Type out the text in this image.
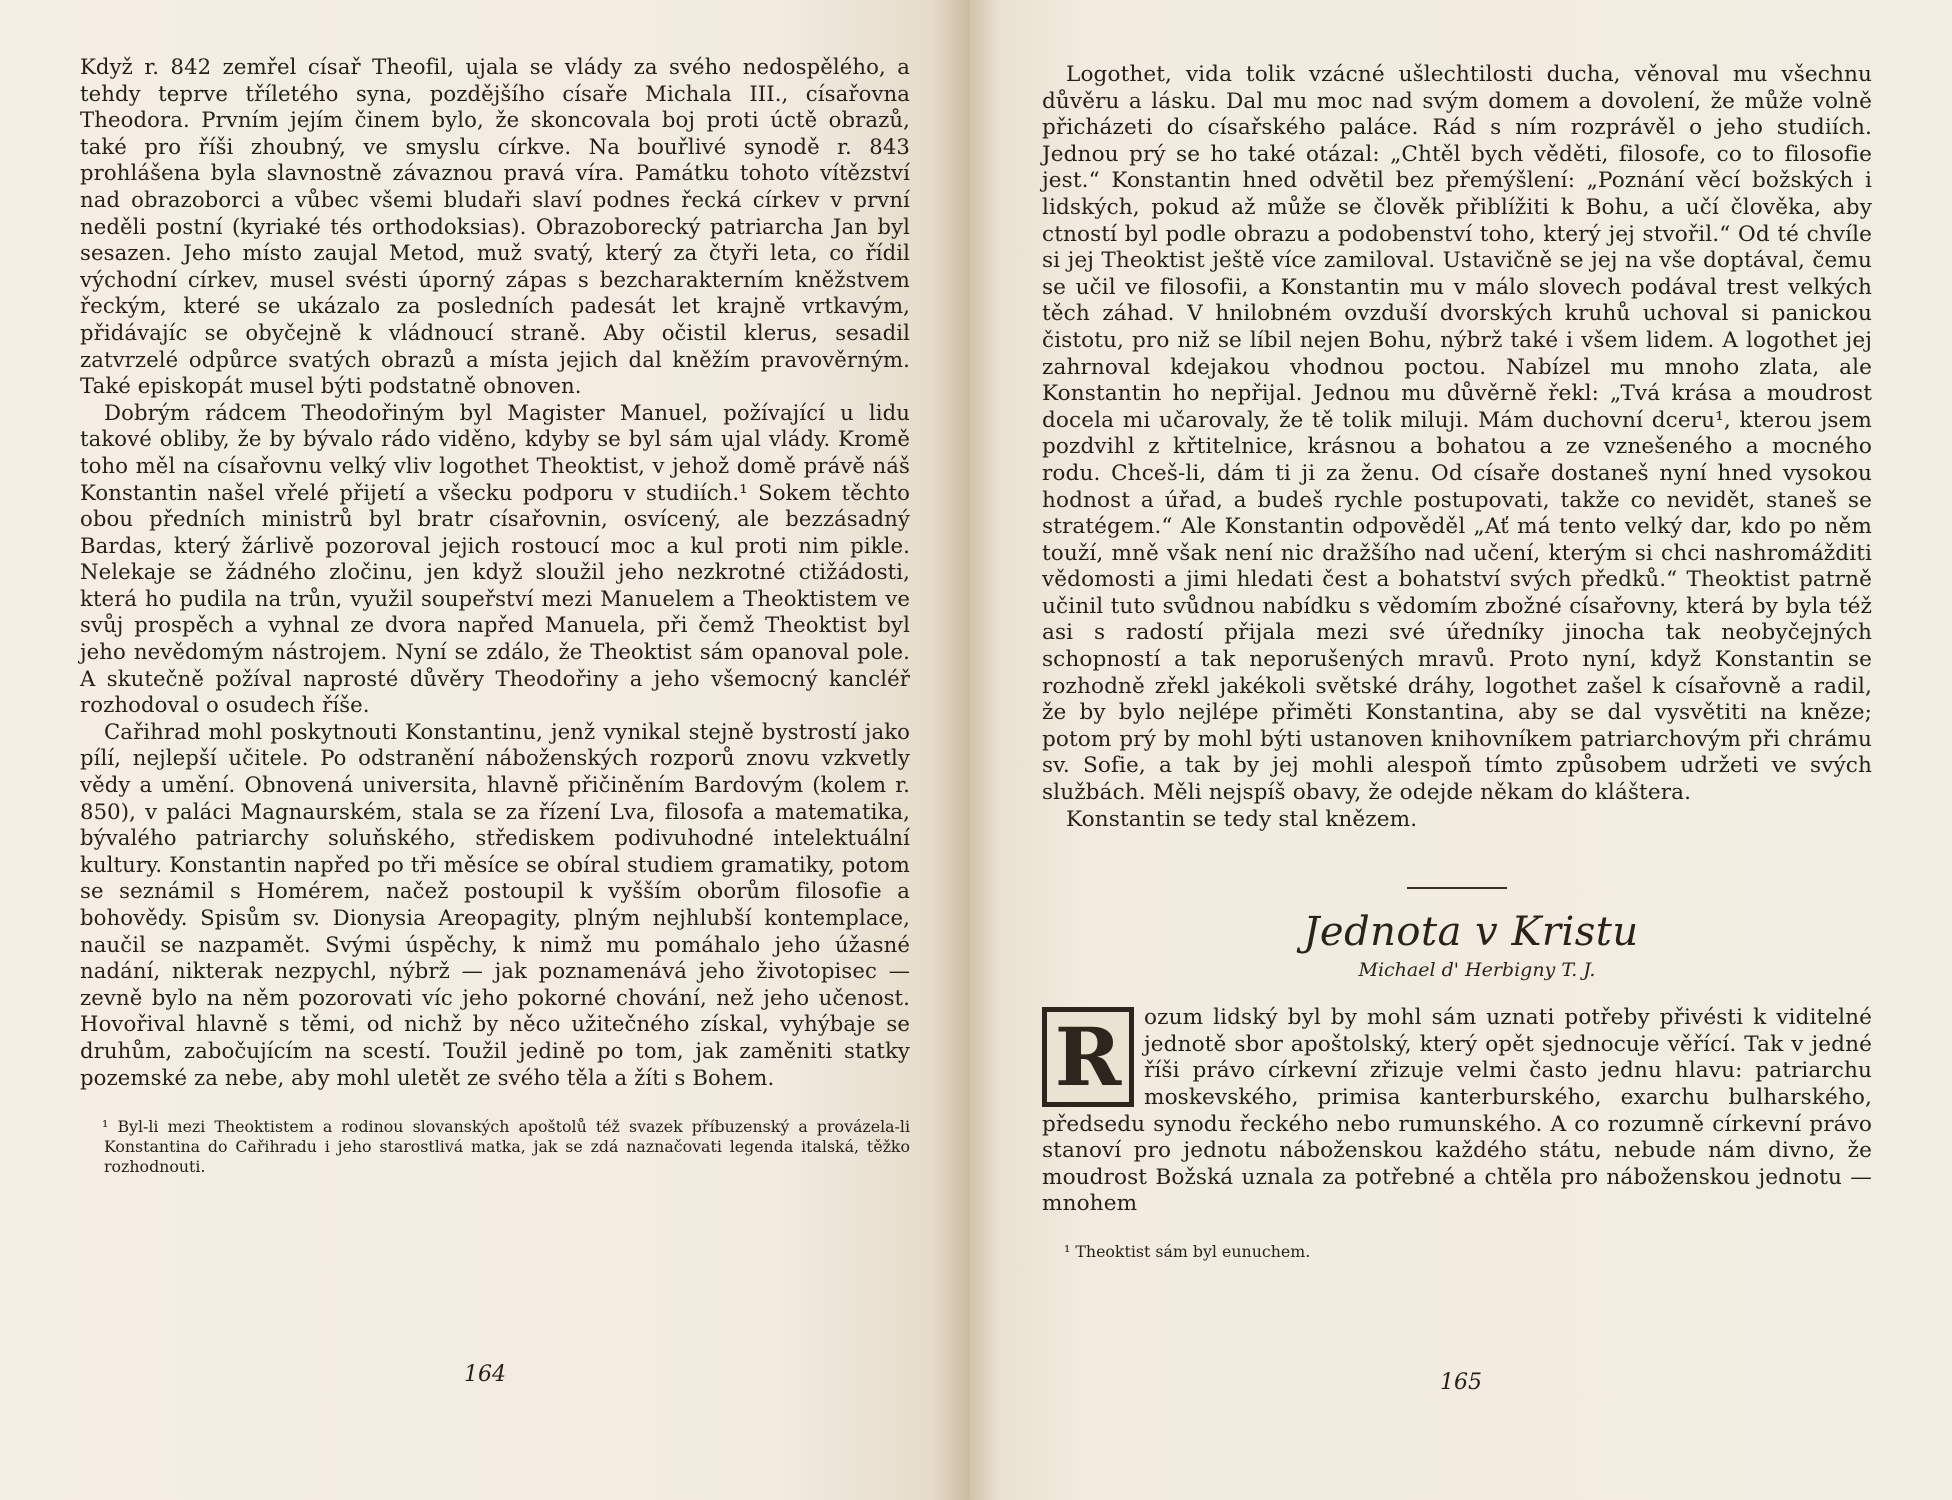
Když r. 842 zemřel císař Theofil, ujala se vlády za svého nedospělého, a tehdy teprve tříletého syna, pozdějšího císaře Michala III., císařovna Theodora. Prvním jejím činem bylo, že skoncovala boj proti úctě obrazů, také pro říši zhoubný, ve smyslu církve. Na bouřlivé synodě r. 843 prohlášena byla slavnostně závaznou pravá víra. Památku tohoto vítězství nad obrazoborci a vůbec všemi bludaři slaví podnes řecká církev v první neděli postní (kyriaké tés orthodoksias). Obrazoborecký patriarcha Jan byl sesazen. Jeho místo zaujal Metod, muž svatý, který za čtyři leta, co řídil východní církev, musel svésti úporný zápas s bezcharakterním kněžstvem řeckým, které se ukázalo za posledních padesát let krajně vrtkavým, přidávajíc se obyčejně k vládnoucí straně. Aby očistil klerus, sesadil zatvrzelé odpůrce svatých obrazů a místa jejich dal kněžím pravověrným. Také episkopát musel býti podstatně obnoven.

Dobrým rádcem Theodořiným byl Magister Manuel, požívající u lidu takové obliby, že by bývalo rádo viděno, kdyby se byl sám ujal vlády. Kromě toho měl na císařovnu velký vliv logothet Theoktist, v jehož domě právě náš Konstantin našel vřelé přijetí a všecku podporu v studiích.¹ Sokem těchto obou předních ministrů byl bratr císařovnin, osvícený, ale bezzásadný Bardas, který žárlivě pozoroval jejich rostoucí moc a kul proti nim pikle. Nelekaje se žádného zločinu, jen když sloužil jeho nezkrotné ctižádosti, která ho pudila na trůn, využil soupeřství mezi Manuelem a Theoktistem ve svůj prospěch a vyhnal ze dvora napřed Manuela, při čemž Theoktist byl jeho nevědomým nástrojem. Nyní se zdálo, že Theoktist sám opanoval pole. A skutečně požíval naprosté důvěry Theodořiny a jeho všemocný kancléř rozhodoval o osudech říše.

Cařihrad mohl poskytnouti Konstantinu, jenž vynikal stejně bystrostí jako pílí, nejlepší učitele. Po odstranění náboženských rozporů znovu vzkvetly vědy a umění. Obnovená universita, hlavně přičiněním Bardovým (kolem r. 850), v paláci Magnaurském, stala se za řízení Lva, filosofa a matematika, bývalého patriarchy soluňského, střediskem podivuhodné intelektuální kultury. Konstantin napřed po tři měsíce se obíral studiem gramatiky, potom se seznámil s Homérem, načež postoupil k vyšším oborům filosofie a bohovědy. Spisům sv. Dionysia Areopagity, plným nejhlubší kontemplace, naučil se nazpamět. Svými úspěchy, k nimž mu pomáhalo jeho úžasné nadání, nikterak nezpychl, nýbrž — jak poznamenává jeho životopisec — zevně bylo na něm pozorovati víc jeho pokorné chování, než jeho učenost. Hovořival hlavně s těmi, od nichž by něco užitečného získal, vyhýbaje se druhům, zabočujícím na scestí. Toužil jedině po tom, jak zaměniti statky pozemské za nebe, aby mohl uletět ze svého těla a žíti s Bohem.

¹ Byl-li mezi Theoktistem a rodinou slovanských apoštolů též svazek příbuzenský a provázela-li Konstantina do Cařihradu i jeho starostlivá matka, jak se zdá naznačovati legenda italská, těžko rozhodnouti.
164

Logothet, vida tolik vzácné ušlechtilosti ducha, věnoval mu všechnu důvěru a lásku. Dal mu moc nad svým domem a dovolení, že může volně přicházeti do císařského paláce. Rád s ním rozprávěl o jeho studiích. Jednou prý se ho také otázal: „Chtěl bych věděti, filosofe, co to filosofie jest.“ Konstantin hned odvětil bez přemýšlení: „Poznání věcí božských i lidských, pokud až může se člověk přiblížiti k Bohu, a učí člověka, aby ctností byl podle obrazu a podobenství toho, který jej stvořil.“ Od té chvíle si jej Theoktist ještě více zamiloval. Ustavičně se jej na vše doptával, čemu se učil ve filosofii, a Konstantin mu v málo slovech podával trest velkých těch záhad. V hnilobném ovzduší dvorských kruhů uchoval si panickou čistotu, pro niž se líbil nejen Bohu, nýbrž také i všem lidem. A logothet jej zahrnoval kdejakou vhodnou poctou. Nabízel mu mnoho zlata, ale Konstantin ho nepřijal. Jednou mu důvěrně řekl: „Tvá krása a moudrost docela mi učarovaly, že tě tolik miluji. Mám duchovní dceru¹, kterou jsem pozdvihl z křtitelnice, krásnou a bohatou a ze vznešeného a mocného rodu. Chceš-li, dám ti ji za ženu. Od císaře dostaneš nyní hned vysokou hodnost a úřad, a budeš rychle postupovati, takže co nevidět, staneš se stratégem.“ Ale Konstantin odpověděl „Ať má tento velký dar, kdo po něm touží, mně však není nic dražšího nad učení, kterým si chci nashromážditi vědomosti a jimi hledati čest a bohatství svých předků.“ Theoktist patrně učinil tuto svůdnou nabídku s vědomím zbožné císařovny, která by byla též asi s radostí přijala mezi své úředníky jinocha tak neobyčejných schopností a tak neporušených mravů. Proto nyní, když Konstantin se rozhodně zřekl jakékoli světské dráhy, logothet zašel k císařovně a radil, že by bylo nejlépe přiměti Konstantina, aby se dal vysvětiti na kněze; potom prý by mohl býti ustanoven knihovníkem patriarchovým při chrámu sv. Sofie, a tak by jej mohli alespoň tímto způsobem udržeti ve svých službách. Měli nejspíš obavy, že odejde někam do kláštera.

Konstantin se tedy stal knězem.

Jednota v Kristu
Michael d' Herbigny T. J.
R	ozum lidský byl by mohl sám uznati potřeby přivésti k viditelné jednotě sbor apoštolský, který opět sjednocuje věřící. Tak v jedné říši právo církevní zřizuje velmi často jednu hlavu: patriarchu moskevského, primisa kanterburského, exarchu bulharského, předsedu synodu řeckého nebo rumunského. A co rozumně církevní právo stanoví pro jednotu náboženskou každého státu, nebude nám divno, že moudrost Božská uznala za potřebné a chtěla pro náboženskou jednotu — mnohem

¹ Theoktist sám byl eunuchem.
165
